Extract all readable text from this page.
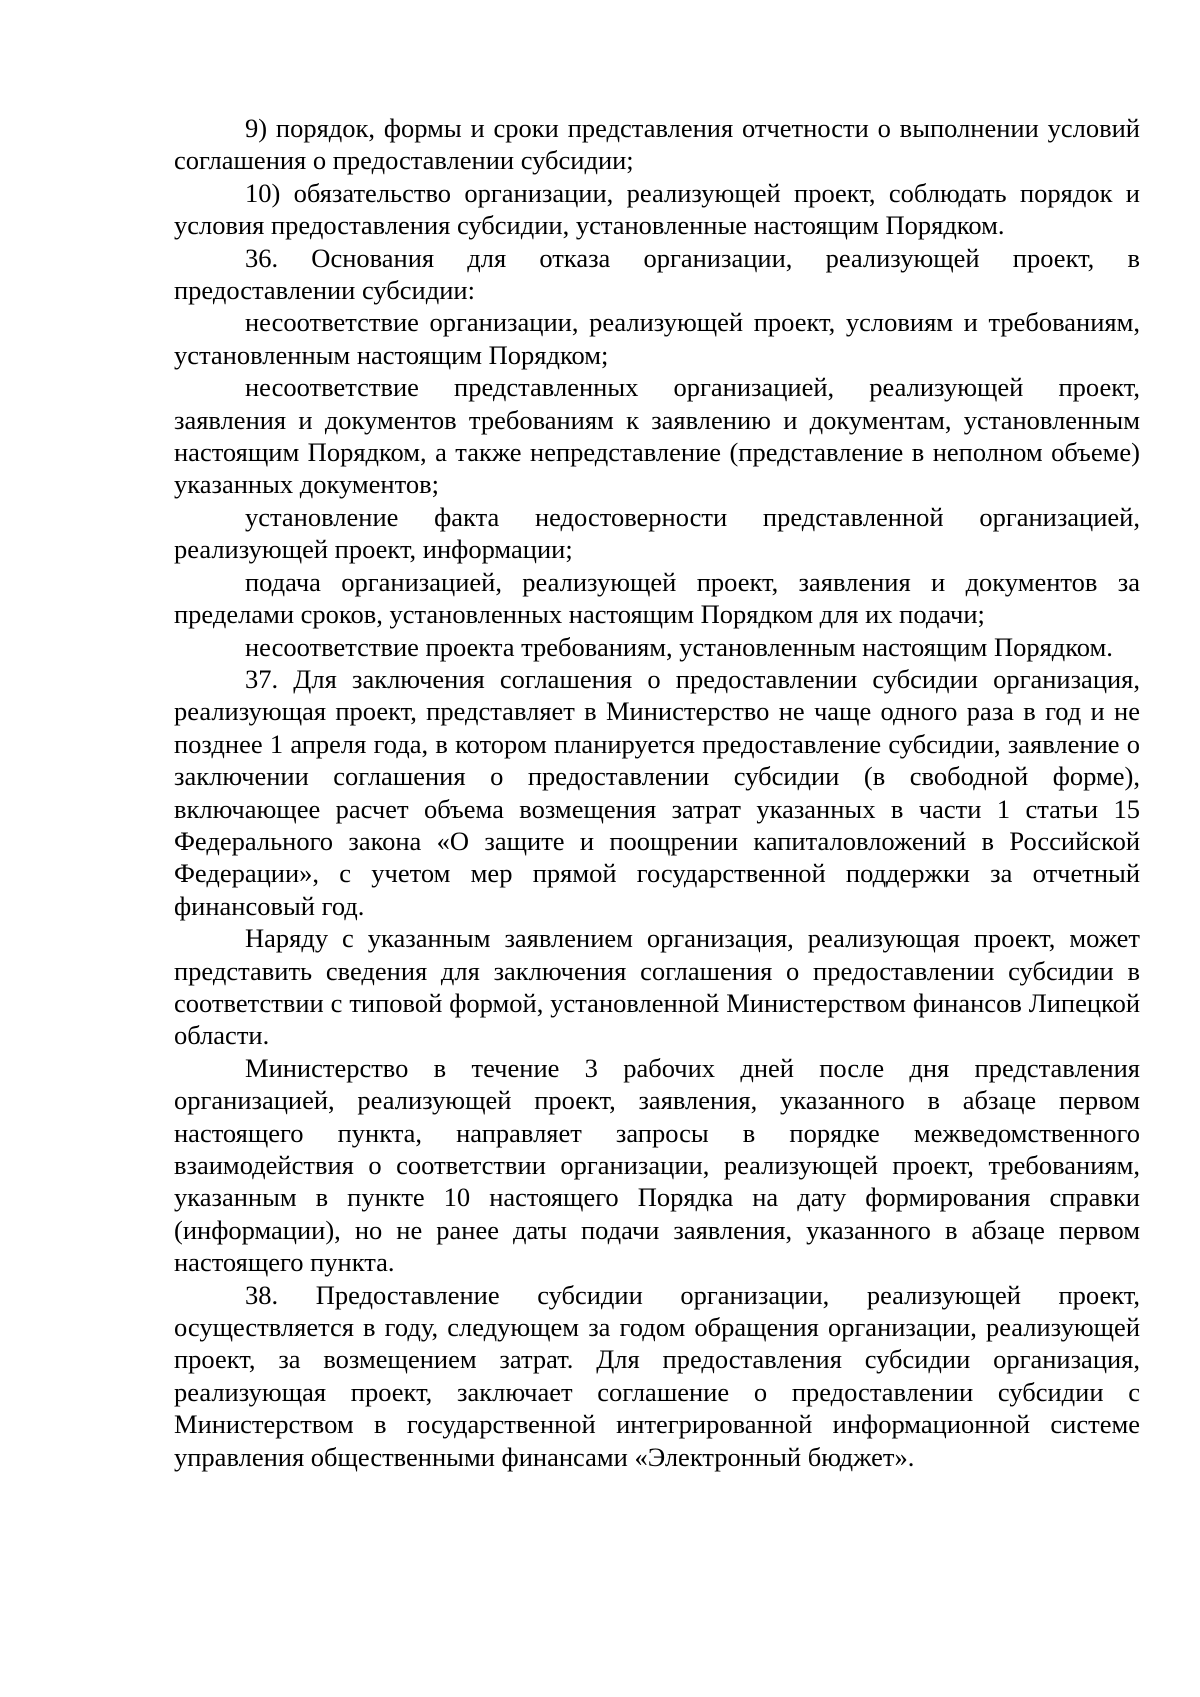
9) порядок, формы и сроки представления отчетности о выполнении условий соглашения о предоставлении субсидии;

10) обязательство организации, реализующей проект, соблюдать порядок и условия предоставления субсидии, установленные настоящим Порядком.

36. Основания для отказа организации, реализующей проект, в предоставлении субсидии:

несоответствие организации, реализующей проект, условиям и требованиям, установленным настоящим Порядком;

несоответствие представленных организацией, реализующей проект, заявления и документов требованиям к заявлению и документам, установленным настоящим Порядком, а также непредставление (представление в неполном объеме) указанных документов;

установление факта недостоверности представленной организацией, реализующей проект, информации;

подача организацией, реализующей проект, заявления и документов за пределами сроков, установленных настоящим Порядком для их подачи;

несоответствие проекта требованиям, установленным настоящим Порядком.

37. Для заключения соглашения о предоставлении субсидии организация, реализующая проект, представляет в Министерство не чаще одного раза в год и не позднее 1 апреля года, в котором планируется предоставление субсидии, заявление о заключении соглашения о предоставлении субсидии (в свободной форме), включающее расчет объема возмещения затрат указанных в части 1 статьи 15 Федерального закона «О защите и поощрении капиталовложений в Российской Федерации», с учетом мер прямой государственной поддержки за отчетный финансовый год.

Наряду с указанным заявлением организация, реализующая проект, может представить сведения для заключения соглашения о предоставлении субсидии в соответствии с типовой формой, установленной Министерством финансов Липецкой области.

Министерство в течение 3 рабочих дней после дня представления организацией, реализующей проект, заявления, указанного в абзаце первом настоящего пункта, направляет запросы в порядке межведомственного взаимодействия о соответствии организации, реализующей проект, требованиям, указанным в пункте 10 настоящего Порядка на дату формирования справки (информации), но не ранее даты подачи заявления, указанного в абзаце первом настоящего пункта.

38. Предоставление субсидии организации, реализующей проект, осуществляется в году, следующем за годом обращения организации, реализующей проект, за возмещением затрат. Для предоставления субсидии организация, реализующая проект, заключает соглашение о предоставлении субсидии с Министерством в государственной интегрированной информационной системе управления общественными финансами «Электронный бюджет».
